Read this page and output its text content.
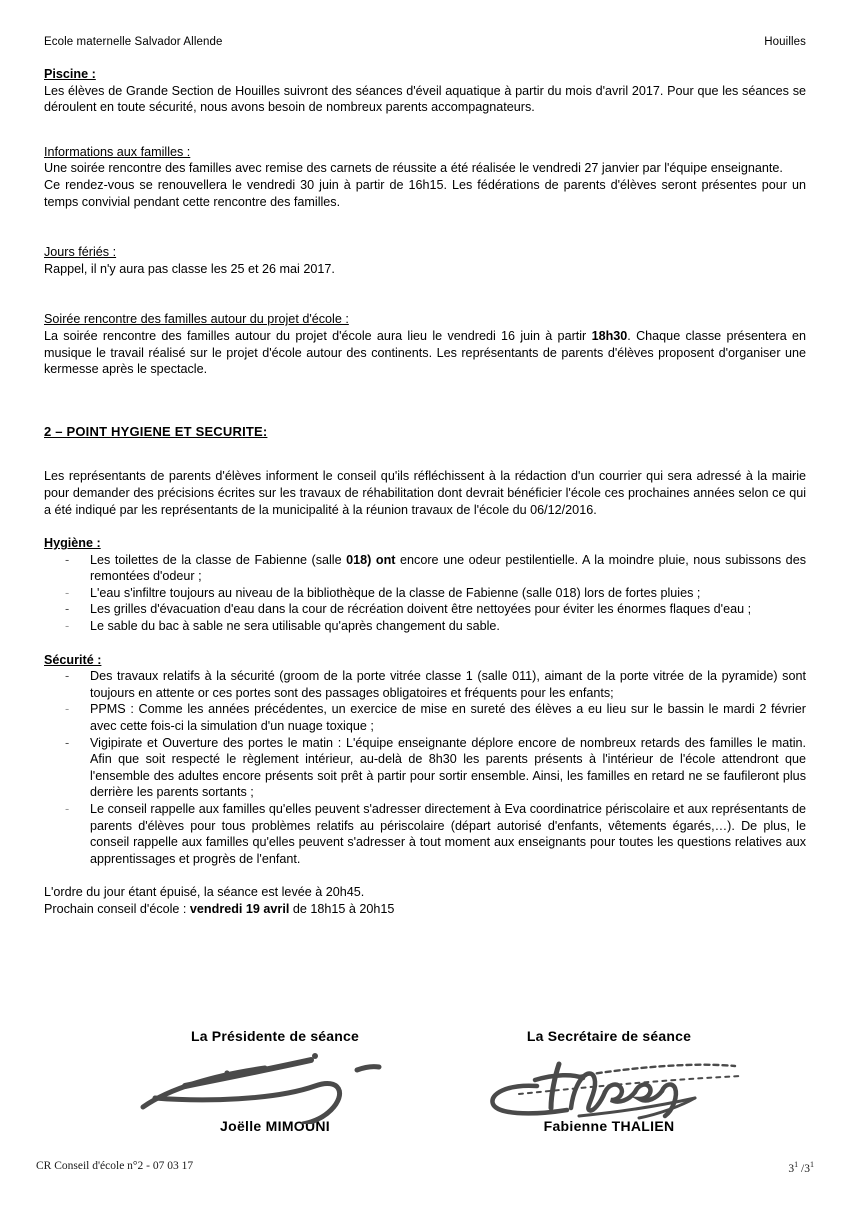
Houilles
Ecole maternelle Salvador Allende

Piscine :

Les élèves de Grande Section de Houilles suivront des séances d'éveil aquatique à partir du mois d'avril 2017. Pour que les séances se déroulent en toute sécurité, nous avons besoin de nombreux parents accompagnateurs.

Informations aux familles :

Une soirée rencontre des familles avec remise des carnets de réussite a été réalisée le vendredi 27 janvier par l'équipe enseignante.

Ce rendez-vous se renouvellera le vendredi 30 juin à partir de 16h15. Les fédérations de parents d'élèves seront présentes pour un temps convivial pendant cette rencontre des familles.

Jours fériés :

Rappel, il n'y aura pas classe les 25 et 26 mai 2017.

Soirée rencontre des familles autour du projet d'école :

La soirée rencontre des familles autour du projet d'école aura lieu le vendredi 16 juin à partir 18h30. Chaque classe présentera en musique le travail réalisé sur le projet d'école autour des continents. Les représentants de parents d'élèves proposent d'organiser une kermesse après le spectacle.

2 – POINT HYGIENE ET SECURITE:

Les représentants de parents d'élèves informent le conseil qu'ils réfléchissent à la rédaction d'un courrier qui sera adressé à la mairie pour demander des précisions écrites sur les travaux de réhabilitation dont devrait bénéficier l'école ces prochaines années selon ce qui a été indiqué par les représentants de la municipalité à la réunion travaux de l'école du 06/12/2016.

Hygiène :

- Les toilettes de la classe de Fabienne (salle 018) ont encore une odeur pestilentielle. A la moindre pluie, nous subissons des remontées d'odeur ;
- L'eau s'infiltre toujours au niveau de la bibliothèque de la classe de Fabienne (salle 018) lors de fortes pluies ;
- Les grilles d'évacuation d'eau dans la cour de récréation doivent être nettoyées pour éviter les énormes flaques d'eau ;
- Le sable du bac à sable ne sera utilisable qu'après changement du sable.

Sécurité :

- Des travaux relatifs à la sécurité (groom de la porte vitrée classe 1 (salle 011), aimant de la porte vitrée de la pyramide) sont toujours en attente or ces portes sont des passages obligatoires et fréquents pour les enfants;
- PPMS : Comme les années précédentes, un exercice de mise en sureté des élèves a eu lieu sur le bassin le mardi 2 février avec cette fois-ci la simulation d'un nuage toxique ;
- Vigipirate et Ouverture des portes le matin : L'équipe enseignante déplore encore de nombreux retards des familles le matin. Afin que soit respecté le règlement intérieur, au-delà de 8h30 les parents présents à l'intérieur de l'école attendront que l'ensemble des adultes encore présents soit prêt à partir pour sortir ensemble. Ainsi, les familles en retard ne se faufileront plus derrière les parents sortants ;
- Le conseil rappelle aux familles qu'elles peuvent s'adresser directement à Eva coordinatrice périscolaire et aux représentants de parents d'élèves pour tous problèmes relatifs au périscolaire (départ autorisé d'enfants, vêtements égarés,…). De plus, le conseil rappelle aux familles qu'elles peuvent s'adresser à tout moment aux enseignants pour toutes les questions relatives aux apprentissages et progrès de l'enfant.

L'ordre du jour étant épuisé, la séance est levée à 20h45.

Prochain conseil d'école : vendredi 19 avril de 18h15 à 20h15

La Présidente de séance

Joëlle MIMOUNI

La Secrétaire de séance

Fabienne THALIEN

$3^1$ $/3^1$
CR Conseil d'école n°2 - 07 03 17
